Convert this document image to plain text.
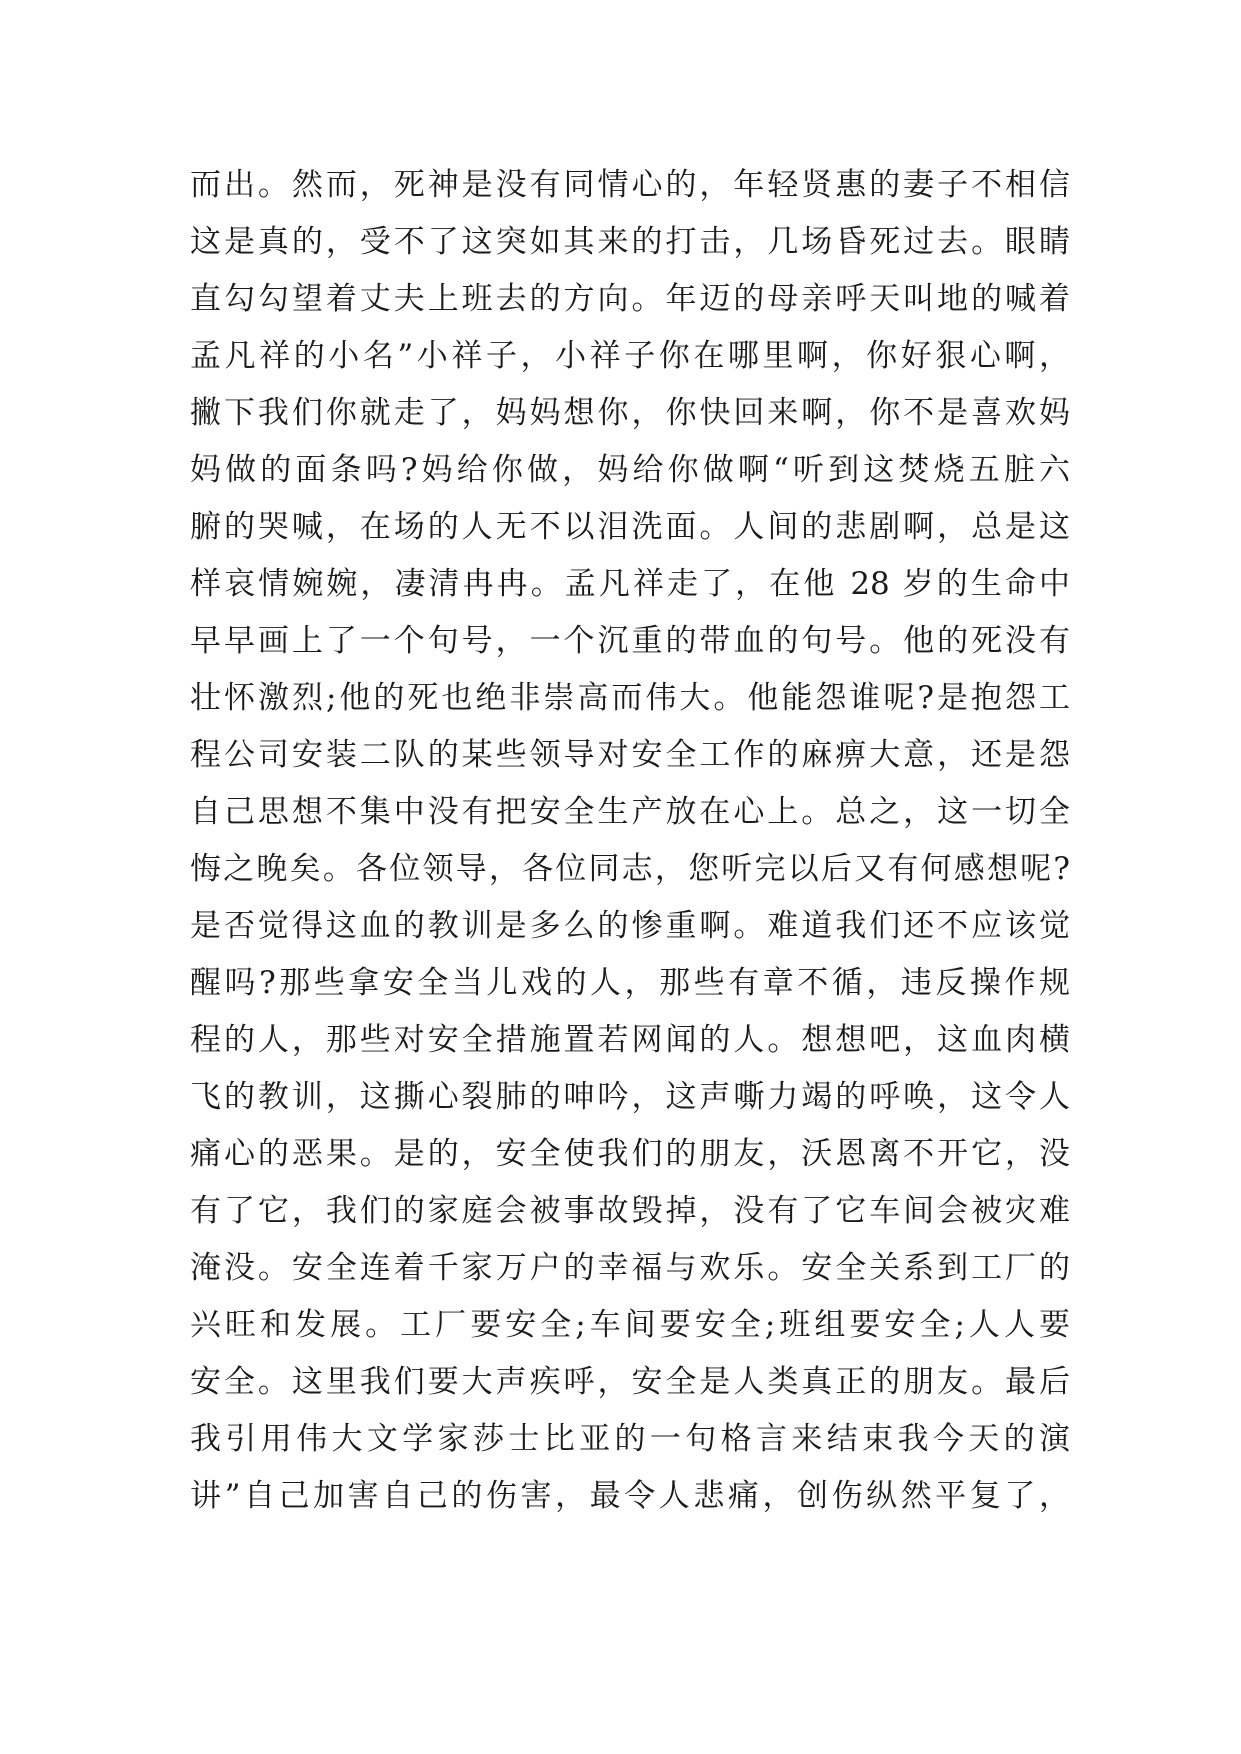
而出。然而，死神是没有同情心的，年轻贤惠的妻子不相信
这是真的，受不了这突如其来的打击，几场昏死过去。眼睛
直勾勾望着丈夫上班去的方向。年迈的母亲呼天叫地的喊着
孟凡祥的小名”小祥子，小祥子你在哪里啊，你好狠心啊，
撇下我们你就走了，妈妈想你，你快回来啊，你不是喜欢妈
妈做的面条吗?妈给你做，妈给你做啊“听到这焚烧五脏六
腑的哭喊，在场的人无不以泪洗面。人间的悲剧啊，总是这
样哀情婉婉，凄清冉冉。孟凡祥走了，在他 28 岁的生命中
早早画上了一个句号，一个沉重的带血的句号。他的死没有
壮怀激烈;他的死也绝非崇高而伟大。他能怨谁呢?是抱怨工
程公司安装二队的某些领导对安全工作的麻痹大意，还是怨
自己思想不集中没有把安全生产放在心上。总之，这一切全
悔之晚矣。各位领导，各位同志，您听完以后又有何感想呢?
是否觉得这血的教训是多么的惨重啊。难道我们还不应该觉
醒吗?那些拿安全当儿戏的人，那些有章不循，违反操作规
程的人，那些对安全措施置若网闻的人。想想吧，这血肉横
飞的教训，这撕心裂肺的呻吟，这声嘶力竭的呼唤，这令人
痛心的恶果。是的，安全使我们的朋友，沃恩离不开它，没
有了它，我们的家庭会被事故毁掉，没有了它车间会被灾难
淹没。安全连着千家万户的幸福与欢乐。安全关系到工厂的
兴旺和发展。工厂要安全;车间要安全;班组要安全;人人要
安全。这里我们要大声疾呼，安全是人类真正的朋友。最后
我引用伟大文学家莎士比亚的一句格言来结束我今天的演
讲”自己加害自己的伤害，最令人悲痛，创伤纵然平复了，
